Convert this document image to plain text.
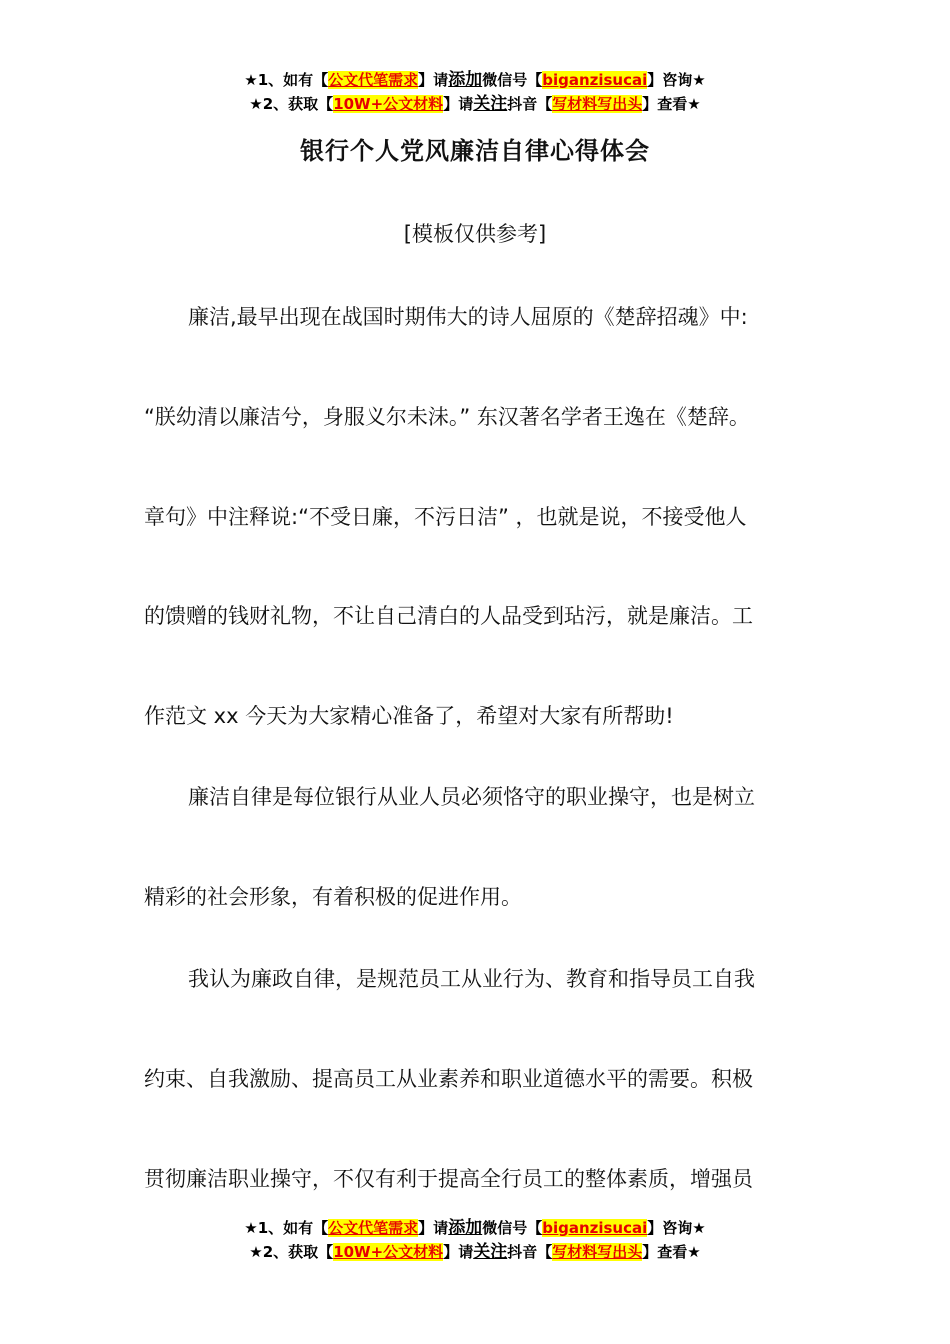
★1、如有【公文代笔需求】请添加微信号【biganzisucai】咨询★
★2、获取【10W+公文材料】请关注抖音【写材料写出头】查看★
银行个人党风廉洁自律心得体会
[模板仅供参考]
廉洁,最早出现在战国时期伟大的诗人屈原的《楚辞招魂》中:
“朕幼清以廉洁兮，身服义尔未沬。” 东汉著名学者王逸在《楚辞。
章句》中注释说:“不受日廉，不污日洁” ，也就是说，不接受他人
的馈赠的钱财礼物，不让自己清白的人品受到玷污，就是廉洁。工
作范文 xx 今天为大家精心准备了，希望对大家有所帮助!
廉洁自律是每位银行从业人员必须恪守的职业操守，也是树立
精彩的社会形象，有着积极的促进作用。
我认为廉政自律，是规范员工从业行为、教育和指导员工自我
约束、自我激励、提高员工从业素养和职业道德水平的需要。积极
贯彻廉洁职业操守，不仅有利于提高全行员工的整体素质，增强员
★1、如有【公文代笔需求】请添加微信号【biganzisucai】咨询★
★2、获取【10W+公文材料】请关注抖音【写材料写出头】查看★
